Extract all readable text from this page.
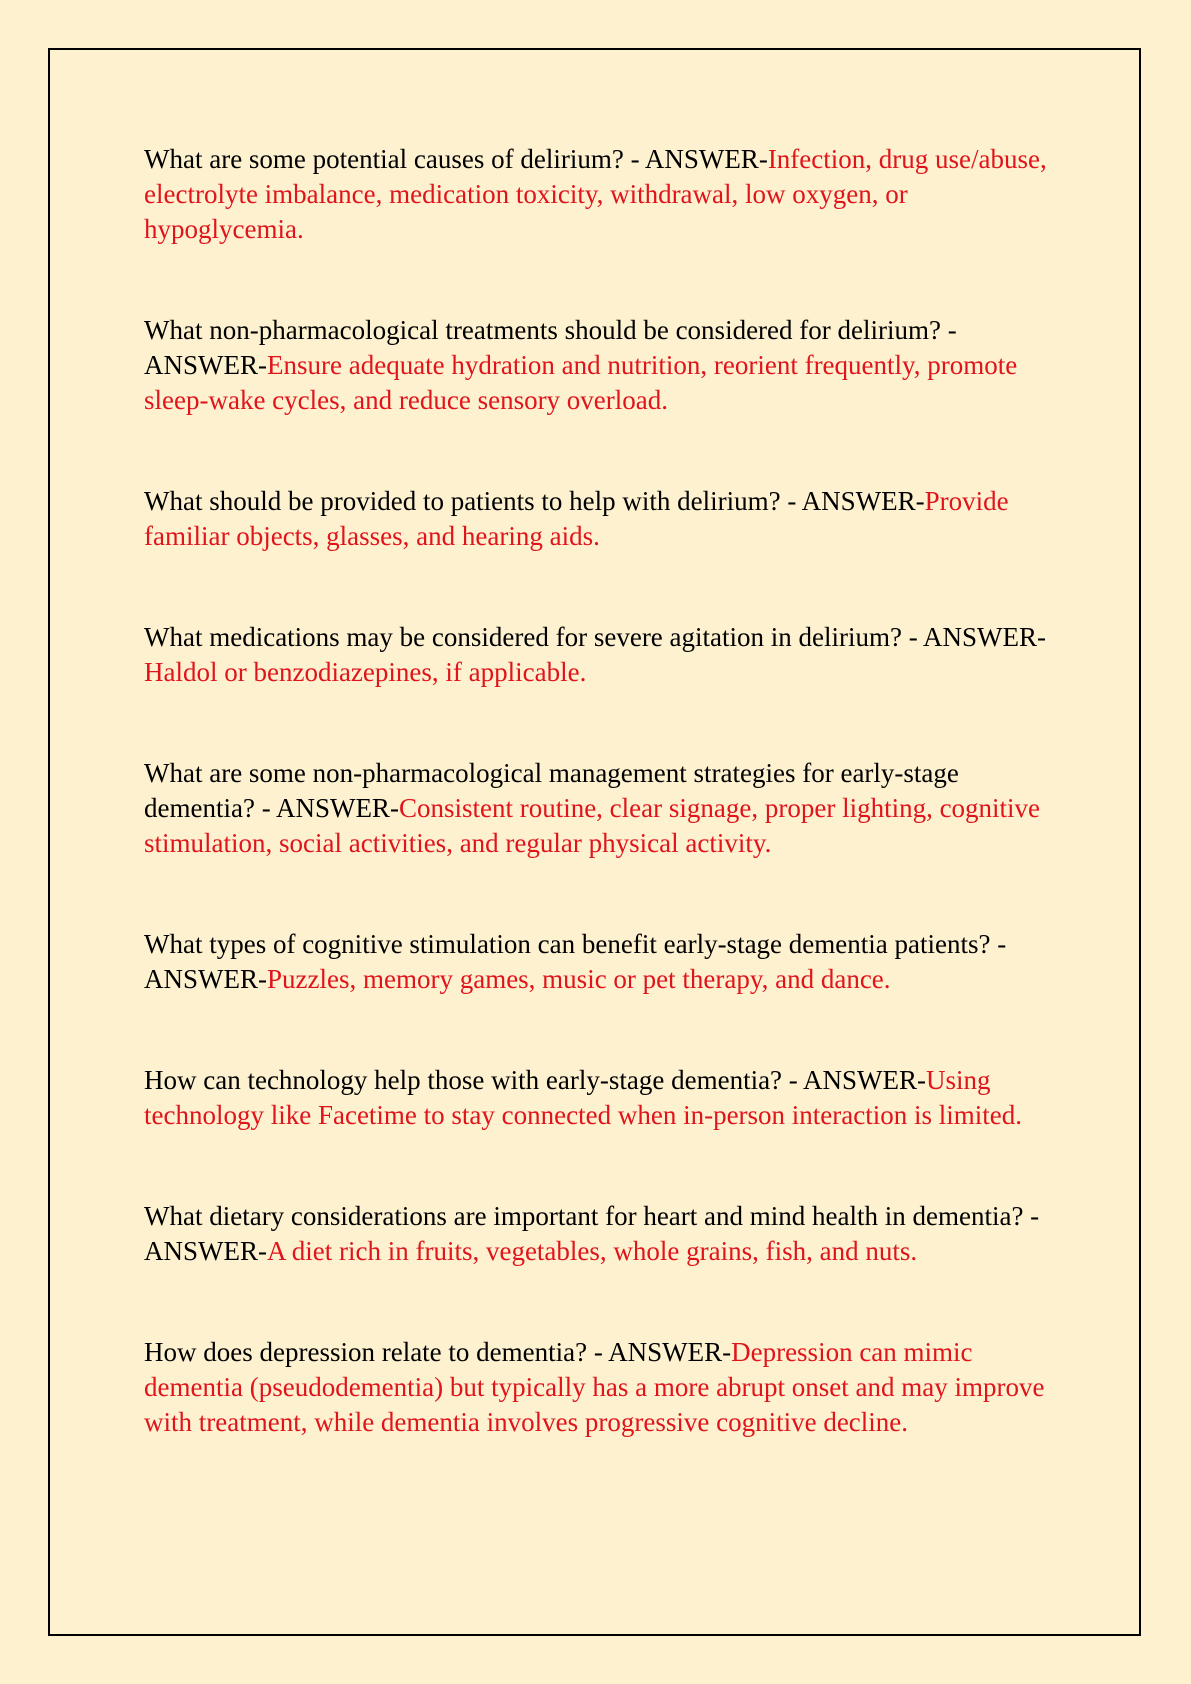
What are some potential causes of delirium? - ANSWER-Infection, drug use/abuse, electrolyte imbalance, medication toxicity, withdrawal, low oxygen, or hypoglycemia.

What non-pharmacological treatments should be considered for delirium? - ANSWER-Ensure adequate hydration and nutrition, reorient frequently, promote sleep-wake cycles, and reduce sensory overload.

What should be provided to patients to help with delirium? - ANSWER-Provide familiar objects, glasses, and hearing aids.

What medications may be considered for severe agitation in delirium? - ANSWER-Haldol or benzodiazepines, if applicable.

What are some non-pharmacological management strategies for early-stage dementia? - ANSWER-Consistent routine, clear signage, proper lighting, cognitive stimulation, social activities, and regular physical activity.

What types of cognitive stimulation can benefit early-stage dementia patients? - ANSWER-Puzzles, memory games, music or pet therapy, and dance.

How can technology help those with early-stage dementia? - ANSWER-Using technology like Facetime to stay connected when in-person interaction is limited.

What dietary considerations are important for heart and mind health in dementia? - ANSWER-A diet rich in fruits, vegetables, whole grains, fish, and nuts.

How does depression relate to dementia? - ANSWER-Depression can mimic dementia (pseudodementia) but typically has a more abrupt onset and may improve with treatment, while dementia involves progressive cognitive decline.
